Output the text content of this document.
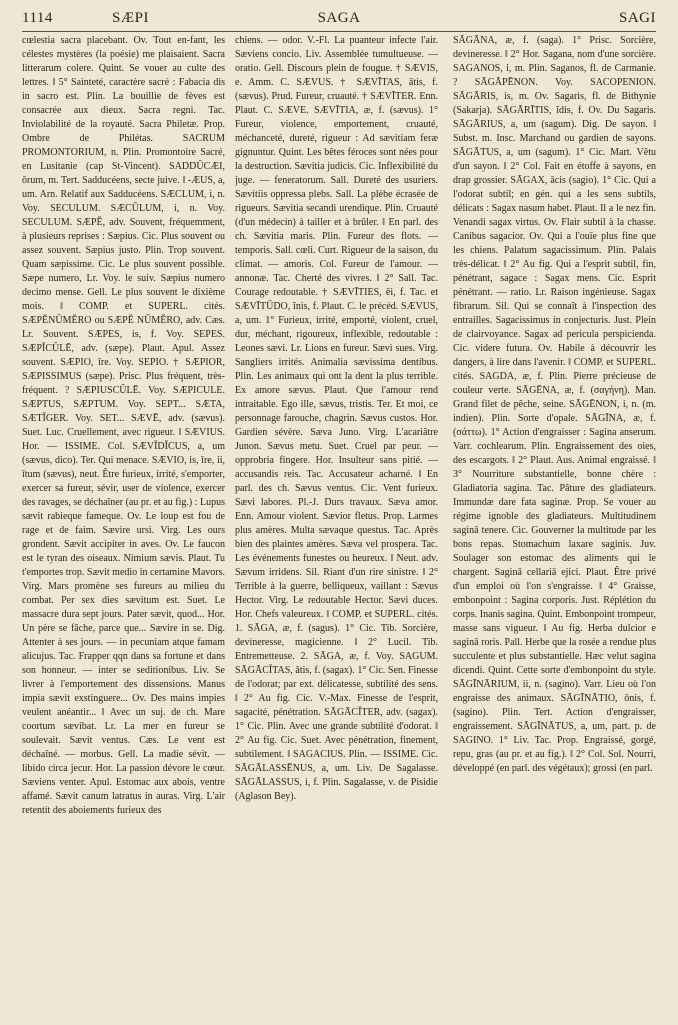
SAGA
1114	SÆPI	SAGI

cœlestia sacra placebant. Ov. Tout en-fant, les célestes mystères (la poésie) me plaisaient. Sacra litterarum colere. Quint. Se vouer au culte des lettres. ‖ 5° Sainteté, caractère sacré : Fabacia dis in sacro est. Plin. La bouillie de fèves est consacrée aux dieux. Sacra regni. Tac. Inviolabilité de la royauté. Sacra Philetæ. Prop. Ombre de Philétas. SACRUM PROMONTORIUM, n. Plin. Promontoire Sacré, en Lusitanie (cap St-Vincent). SADDŪCÆI, ōrum, m. Tert. Sadducéens, secte juive. ‖ -ÆUS, a, um. Arn. Relatif aux Sadducéens. SÆCLUM, i, n. Voy. SECULUM. SÆCŬLUM, i, n. Voy. SECULUM. SÆPĔ, adv. Souvent, fréquemment, à plusieurs reprises : Sæpius. Cic. Plus souvent ou assez souvent. Sæpius justo. Plin. Trop souvent. Quam sæpissime. Cic. Le plus souvent possible. Sæpe numero, Lr. Voy. le suiv. Sæpius numero decimo mense. Gell. Le plus souvent le dixième mois. ‖ COMP. et SUPERL. cités. SÆPĔNŪMĔRO ou SÆPĔ NŪMĔRO, adv. Cæs. Lr. Souvent. SÆPES, is, f. Voy. SEPES. SÆPĬCŬLĒ, adv. (sæpe). Plaut. Apul. Assez souvent. SÆPIO, īre. Voy. SEPIO. † SÆPIOR, SÆPISSIMUS (sæpe). Prisc. Plus fréquent, très-fréquent. ? SÆPIUSCŬLĒ. Voy. SÆPICULE. SÆPTUS, SÆPTUM. Voy. SEPT... SÆTA, SÆTĬGER. Voy. SET... SÆVĒ, adv. (sævus). Suet. Luc. Cruellement, avec rigueur. ‖ SÆVIUS. Hor. — ISSIME. Col. SÆVĬDĬCUS, a, um (sævus, dico). Ter. Qui menace. SÆVIO, is, īre, ii, ītum (sævus), neut. Être furieux, irrité, s'emporter, exercer sa fureur, sévir, user de violence, exercer des ravages, se déchaîner (au pr. et au fig.) : Lupus sævit rabieque fameque. Ov. Le loup est fou de rage et de faim. Sævire ursi. Virg. Les ours grondent. Sævit accipiter in aves. Ov. Le faucon est le tyran des oiseaux. Nimium sævis. Plaut. Tu t'emportes trop. Sævit medio in certamine Mavors. Virg. Mars promène ses fureurs au milieu du combat. Per sex dies sævitum est. Suet. Le massacre dura sept jours. Pater sævit, quod... Hor. Un père se fâche, parce que... Sævire in se. Dig. Attenter à ses jours. — in pecuniam atque famam alicujus. Tac. Frapper qqn dans sa fortune et dans son honneur. — inter se seditionibus. Liv. Se livrer à l'emportement des dissensions. Manus impia sævit exstinguere... Ov. Des mains impies veulent anéantir... ‖ Avec un suj. de ch. Mare coortum sævibat. Lr. La mer en fureur se soulevait. Sævit ventus. Cæs. Le vent est déchaîné. — morbus. Gell. La madie sévit. — libido circa jecur. Hor. La passion dévore le cœur. Sæviens venter. Apul. Estomac aux abois, ventre affamé. Sævit canum latratus in auras. Virg. L'air retentit des aboiements furieux des

chiens. — odor. V.-Fl. La puanteur infecte l'air. Sæviens concio. Liv. Assemblée tumultueuse. — oratio. Gell. Discours plein de fougue. † SÆVIS, e. Amm. C. SÆVUS. † SÆVĪTAS, ātis, f. (sævus). Prud. Fureur, cruauté. † SÆVĪTER. Enn. Plaut. C. SÆVE. SÆVĪTIA, æ, f. (sævus). 1° Fureur, violence, emportement, cruauté, méchanceté, dureté, rigueur : Ad sævitiam feræ gignuntur. Quint. Les bêtes féroces sont nées pour la destruction. Sævitia judicis. Cic. Inflexibilité du juge. — feneratorum. Sall. Dureté des usuriers. Sævitiis oppressa plebs. Sall. La plèbe écrasée de rigueurs. Sævitia secandi urendique. Plin. Cruauté (d'un médecin) à tailler et à brûler. ‖ En parl. des ch. Sævitia maris. Plin. Fureur des flots. — temporis. Sall. cœli. Curt. Rigueur de la saison, du climat. — amoris. Col. Fureur de l'amour. — annonæ. Tac. Cherté des vivres. ‖ 2° Sall. Tac. Courage redoutable. † SÆVĪTIES, ēi, f. Tac. et SÆVĪTŪDO, ĭnis, f. Plaut. C. le précéd. SÆVUS, a, um. 1° Furieux, irrité, emporté, violent, cruel, dur, méchant, rigoureux, inflexible, redoutable : Leones sævi. Lr. Lions en fureur. Sævi sues. Virg. Sangliers irrités. Animalia sævissima dentibus. Plin. Les animaux qui ont la dent la plus terrible. Ex amore sævus. Plaut. Que l'amour rend intraitable. Ego ille, sævus, tristis. Ter. Et moi, ce personnage farouche, chagrin. Sævus custos. Hor. Gardien sévère. Sæva Juno. Virg. L'acariâtre Junon. Sævus metu. Suet. Cruel par peur. — opprobria fingere. Hor. Insulteur sans pitié. — accusandis reis. Tac. Accusateur acharné. ‖ En parl. des ch. Sævus ventus. Cic. Vent furieux. Sævi labores. Pl.-J. Durs travaux. Sæva amor. Enn. Amour violent. Sævior fletus. Prop. Larmes plus amères. Multa sævaque questus. Tac. Après bien des plaintes amères. Sæva vel prospera. Tac. Les événements funestes ou heureux. ‖ Neut. adv. Sævum irridens. Sil. Riant d'un rire sinistre. ‖ 2° Terrible à la guerre, belliqueux, vaillant : Sævus Hector. Virg. Le redoutable Hector. Sævi duces. Hor. Chefs valeureux. ‖ COMP. et SUPERL. cités. 1. SĀGA, æ, f. (sagus). 1° Cic. Tib. Sorcière, devineresse, magicienne. ‖ 2° Lucil. Tib. Entremetteuse. 2. SĀGA, æ, f. Voy. SAGUM. SĀGĀCĬTAS, ātis, f. (sagax). 1° Cic. Sen. Finesse de l'odorat; par ext. délicatesse, subtilité des sens. ‖ 2° Au fig. Cic. V.-Max. Finesse de l'esprit, sagacité, pénétration. SĀGĀCĬTER, adv. (sagax). 1° Cic. Plin. Avec une grande subtilité d'odorat. ‖ 2° Au fig. Cic. Suet. Avec pénétration, finement, subtilement. ‖ SAGACIUS. Plin. — ISSIME. Cic. SĀGĀLASSĒNUS, a, um. Liv. De Sagalasse. SĀGĀLASSUS, i, f. Plin. Sagalasse, v. de Pisidie (Aglason Bey).

SĀGĀNA, æ, f. (saga). 1° Prisc. Sorcière, devineresse. ‖ 2° Hor. Sagana, nom d'une sorcière. SAGANOS, i, m. Plin. Saganos, fl. de Carmanie. ? SĀGĀPĒNON. Voy. SACOPENION. SĀGĀRIS, is, m. Ov. Sagaris, fl. de Bithynie (Sakarja). SĀGĀRĪTIS, ĭdis, f. Ov. Du Sagaris. SĀGĀRIUS, a, um (sagum). Dig. De sayon. ‖ Subst. m. Insc. Marchand ou gardien de sayons. SĀGĀTUS, a, um (sagum). 1° Cic. Mart. Vêtu d'un sayon. ‖ 2° Col. Fait en étoffe à sayons, en drap grossier. SĀGAX, ācis (sagio). 1° Cic. Qui a l'odorat subtil; en gén. qui a les sens subtils, délicats : Sagax nasum habet. Plaut. Il a le nez fin. Venandi sagax virtus. Ov. Flair subtil à la chasse. Canibus sagacior. Ov. Qui a l'ouïe plus fine que les chiens. Palatum sagacissimum. Plin. Palais très-délicat. ‖ 2° Au fig. Qui a l'esprit subtil, fin, pénétrant, sagace : Sagax mens. Cic. Esprit pénétrant. — ratio. Lr. Raison ingénieuse. Sagax fibrarum. Sil. Qui se connaît à l'inspection des entrailles. Sagacissimus in conjecturis. Just. Plein de clairvoyance. Sagax ad pericula perspicienda. Cic. videre futura. Ov. Habile à découvrir les dangers, à lire dans l'avenir. ‖ COMP. et SUPERL. cités. SAGDA, æ, f. Plin. Pierre précieuse de couleur verte. SĀGĒNA, æ, f. (σαγήνη). Man. Grand filet de pêche, seine. SĀGĒNON, i, n. (m. indien). Plin. Sorte d'opale. SĀGĪNA, æ, f. (σάττω). 1° Action d'engraisser : Sagina anserum. Varr. cochlearum. Plin. Engraissement des oies, des escargots. ‖ 2° Plaut. Aus. Animal engraissé. ‖ 3° Nourriture substantielle, bonne chère : Gladiatoria sagina. Tac. Pâture des gladiateurs. Immundæ dare fata saginæ. Prop. Se vouer au régime ignoble des gladiateurs. Multitudinem saginā tenere. Cic. Gouverner la multitude par les bons repas. Stomachum laxare saginis. Juv. Soulager son estomac des aliments qui le chargent. Saginā cellariā ejici. Plaut. Être privé d'un emploi où l'on s'engraisse. ‖ 4° Graisse, embonpoint : Sagina corporis. Just. Réplétion du corps. Inanis sagina. Quint. Embonpoint trompeur, masse sans vigueur. ‖ Au fig. Herba dulcior e saginā roris. Pall. Herbe que la rosée a rendue plus succulente et plus substantielle. Hæc velut sagina dicendi. Quint. Cette sorte d'embonpoint du style. SĀGĪNĀRIUM, ii, n. (sagino). Varr. Lieu où l'on engraisse des animaux. SĀGĪNĀTIO, ōnis, f. (sagino). Plin. Tert. Action d'engraisser, engraissement. SĀGĪNĀTUS, a, um, part. p. de SAGINO. 1° Liv. Tac. Prop. Engraissé, gorgé, repu, gras (au pr. et au fig.). ‖ 2° Col. Sol. Nourri, développé (en parl. des végétaux); grossi (en parl.
